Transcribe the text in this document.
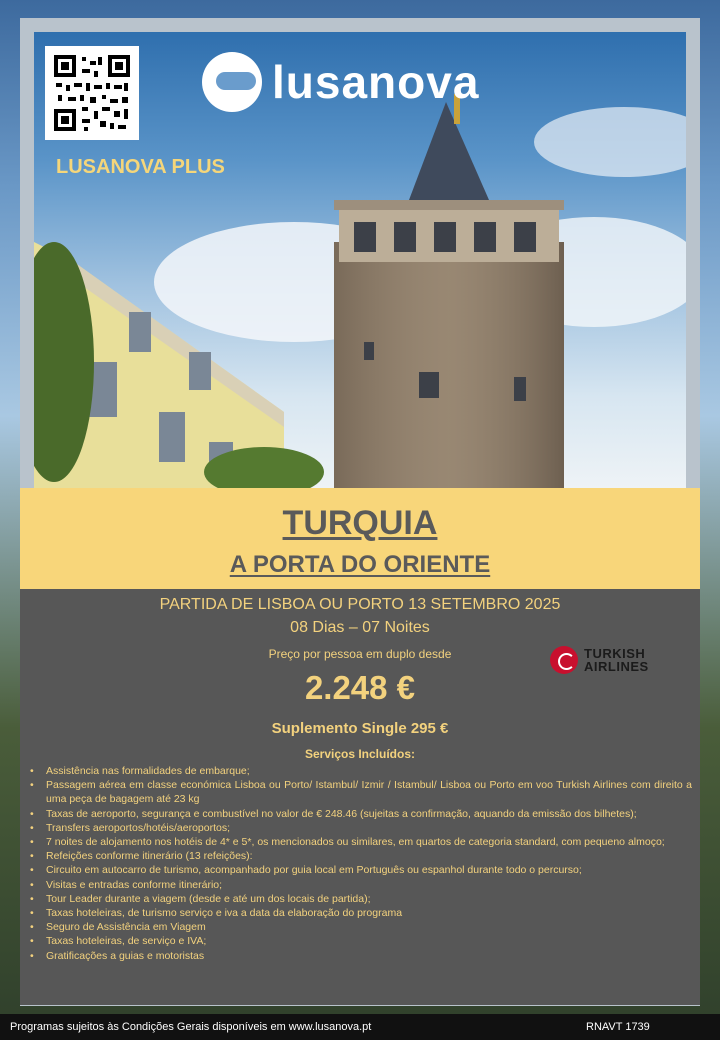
lusanova
LUSANOVA PLUS
TURQUIA
A PORTA DO ORIENTE
PARTIDA DE LISBOA OU PORTO 13 SETEMBRO 2025
08 Dias – 07 Noites
Preço por pessoa em duplo desde
2.248 €
Suplemento Single 295 €
TURKISH
AIRLINES
Serviços Incluídos:
• Assistência nas formalidades de embarque;
• Passagem aérea em classe económica Lisboa ou Porto/ Istambul/ Izmir / Istambul/ Lisboa ou Porto em voo Turkish Airlines com direito a uma peça de bagagem até 23 kg
• Taxas de aeroporto, segurança e combustível no valor de € 248.46 (sujeitas a confirmação, aquando da emissão dos bilhetes);
• Transfers aeroportos/hotéis/aeroportos;
• 7 noites de alojamento nos hotéis de 4* e 5*, os mencionados ou similares, em quartos de categoria standard, com pequeno almoço;
• Refeições conforme itinerário (13 refeições):
• Circuito em autocarro de turismo, acompanhado por guia local em Português ou espanhol durante todo o percurso;
• Visitas e entradas conforme itinerário;
• Tour Leader durante a viagem (desde e até um dos locais de partida);
• Taxas hoteleiras, de turismo serviço e iva a data da elaboração do programa
• Seguro de Assistência em Viagem
• Taxas hoteleiras, de serviço e IVA;
• Gratificações a guias e motoristas
Programas sujeitos às Condições Gerais disponíveis em www.lusanova.pt	RNAVT 1739
